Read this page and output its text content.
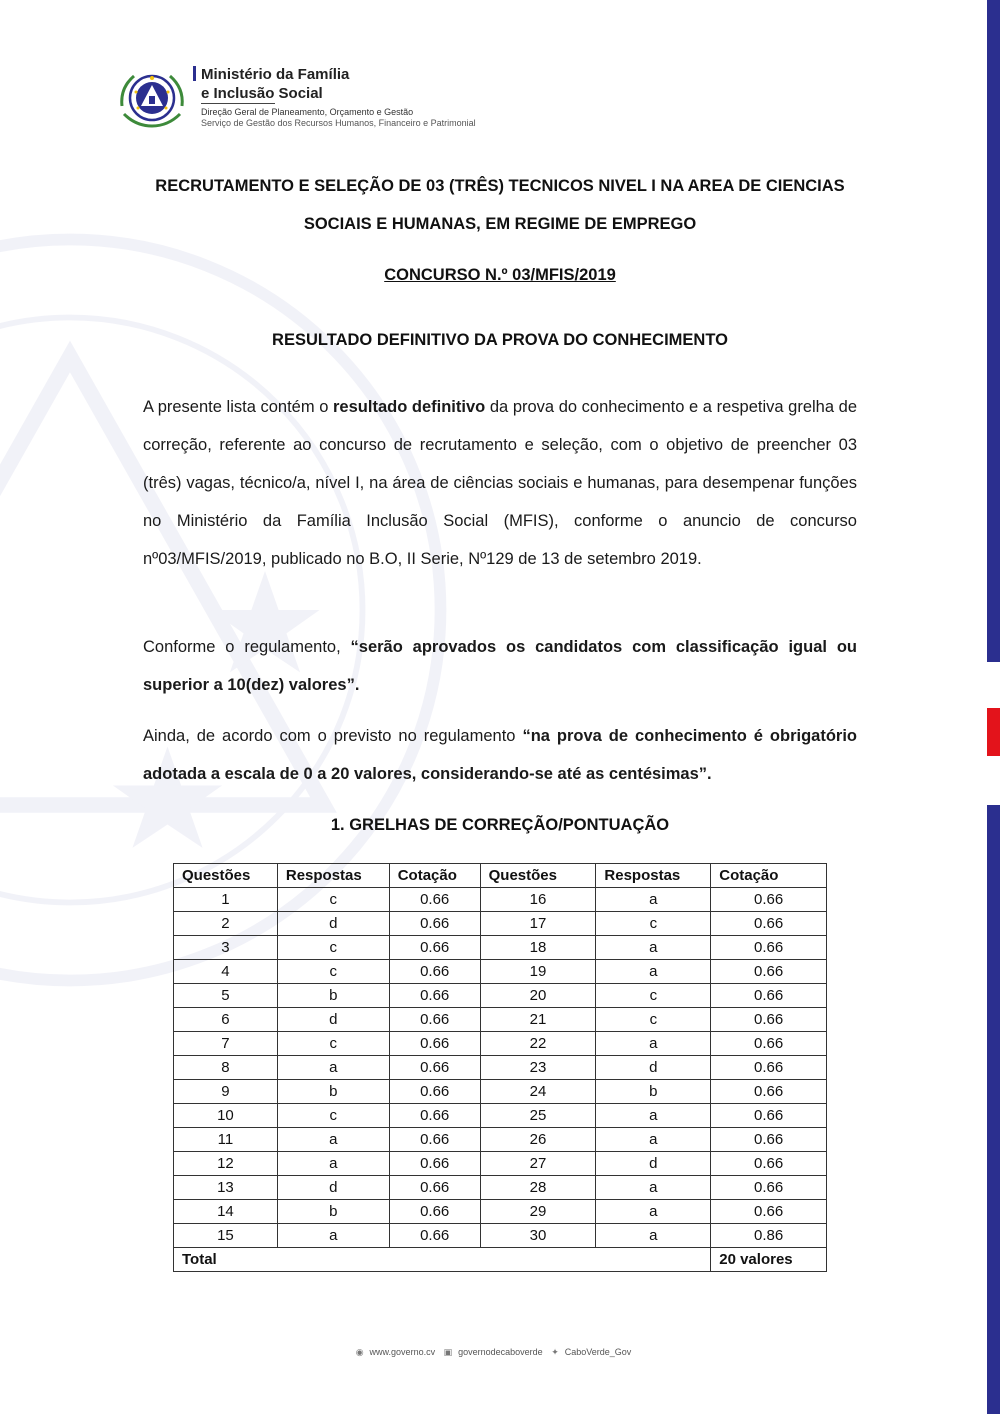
Ministério da Família
e Inclusão Social
Direção Geral de Planeamento, Orçamento e Gestão
Serviço de Gestão dos Recursos Humanos, Financeiro e Patrimonial
RECRUTAMENTO E SELEÇÃO DE 03 (TRÊS) TECNICOS NIVEL I NA AREA DE CIENCIAS
SOCIAIS E HUMANAS, EM REGIME DE EMPREGO
CONCURSO N.º 03/MFIS/2019
RESULTADO DEFINITIVO DA PROVA DO CONHECIMENTO
A presente lista contém o resultado definitivo da prova do conhecimento e a respetiva grelha de correção, referente ao concurso de recrutamento e seleção, com o objetivo de preencher 03 (três) vagas, técnico/a, nível I, na área de ciências sociais e humanas, para desempenar funções no Ministério da Família Inclusão Social (MFIS), conforme o anuncio de concurso nº03/MFIS/2019, publicado no B.O, II Serie, Nº129 de 13 de setembro 2019.
Conforme o regulamento, “serão aprovados os candidatos com classificação igual ou superior a 10(dez) valores”.
Ainda, de acordo com o previsto no regulamento “na prova de conhecimento é obrigatório adotada a escala de 0 a 20 valores, considerando-se até as centésimas”.
1. GRELHAS DE CORREÇÃO/PONTUAÇÃO
Questões	Respostas	Cotação	Questões	Respostas	Cotação
1	c	0.66	16	a	0.66
2	d	0.66	17	c	0.66
3	c	0.66	18	a	0.66
4	c	0.66	19	a	0.66
5	b	0.66	20	c	0.66
6	d	0.66	21	c	0.66
7	c	0.66	22	a	0.66
8	a	0.66	23	d	0.66
9	b	0.66	24	b	0.66
10	c	0.66	25	a	0.66
11	a	0.66	26	a	0.66
12	a	0.66	27	d	0.66
13	d	0.66	28	a	0.66
14	b	0.66	29	a	0.66
15	a	0.66	30	a	0.86
Total					20 valores
◉ www.governo.cv ▣ governodecaboverde ✦ CaboVerde_Gov
